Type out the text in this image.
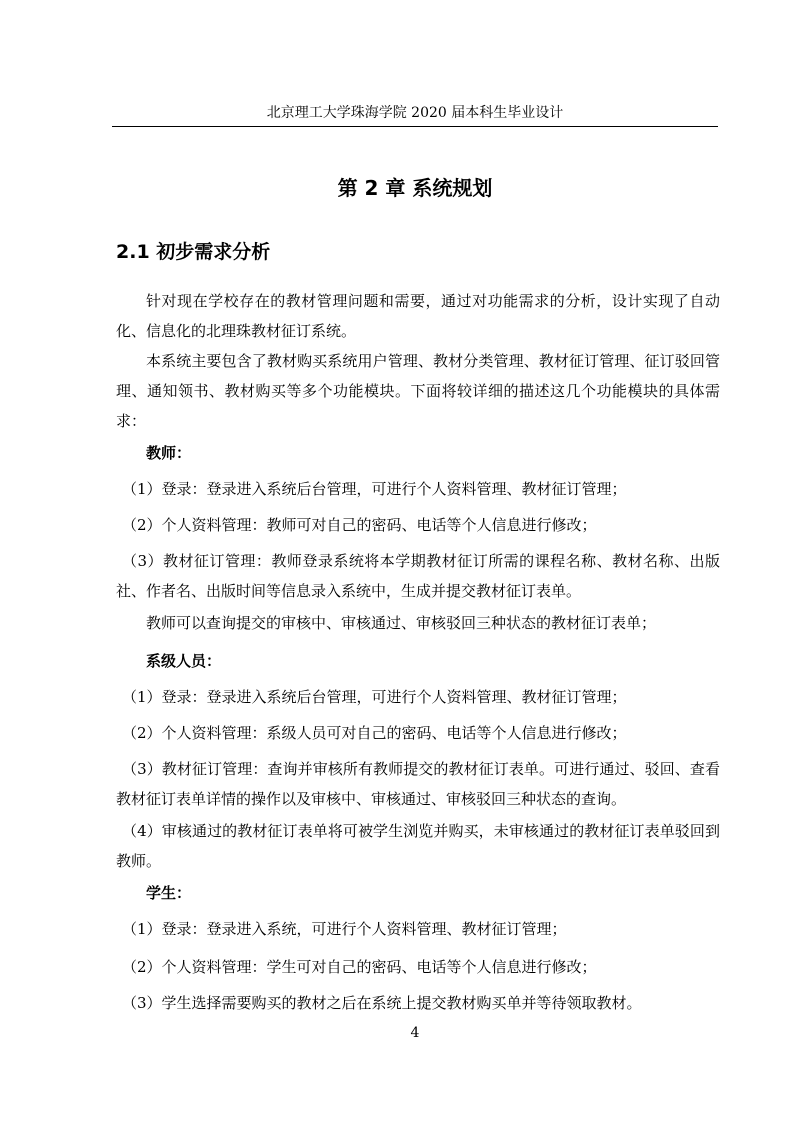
北京理工大学珠海学院 2020 届本科生毕业设计
第 2 章 系统规划
2.1 初步需求分析

针对现在学校存在的教材管理问题和需要，通过对功能需求的分析，设计实现了自动化、信息化的北理珠教材征订系统。

本系统主要包含了教材购买系统用户管理、教材分类管理、教材征订管理、征订驳回管理、通知领书、教材购买等多个功能模块。下面将较详细的描述这几个功能模块的具体需求：

教师：

（1）登录：登录进入系统后台管理，可进行个人资料管理、教材征订管理；

（2）个人资料管理：教师可对自己的密码、电话等个人信息进行修改；

（3）教材征订管理：教师登录系统将本学期教材征订所需的课程名称、教材名称、出版社、作者名、出版时间等信息录入系统中，生成并提交教材征订表单。

教师可以查询提交的审核中、审核通过、审核驳回三种状态的教材征订表单；

系级人员：

（1）登录：登录进入系统后台管理，可进行个人资料管理、教材征订管理；

（2）个人资料管理：系级人员可对自己的密码、电话等个人信息进行修改；

（3）教材征订管理：查询并审核所有教师提交的教材征订表单。可进行通过、驳回、查看教材征订表单详情的操作以及审核中、审核通过、审核驳回三种状态的查询。

（4）审核通过的教材征订表单将可被学生浏览并购买，未审核通过的教材征订表单驳回到教师。

学生：

（1）登录：登录进入系统，可进行个人资料管理、教材征订管理；

（2）个人资料管理：学生可对自己的密码、电话等个人信息进行修改；

（3）学生选择需要购买的教材之后在系统上提交教材购买单并等待领取教材。

4
